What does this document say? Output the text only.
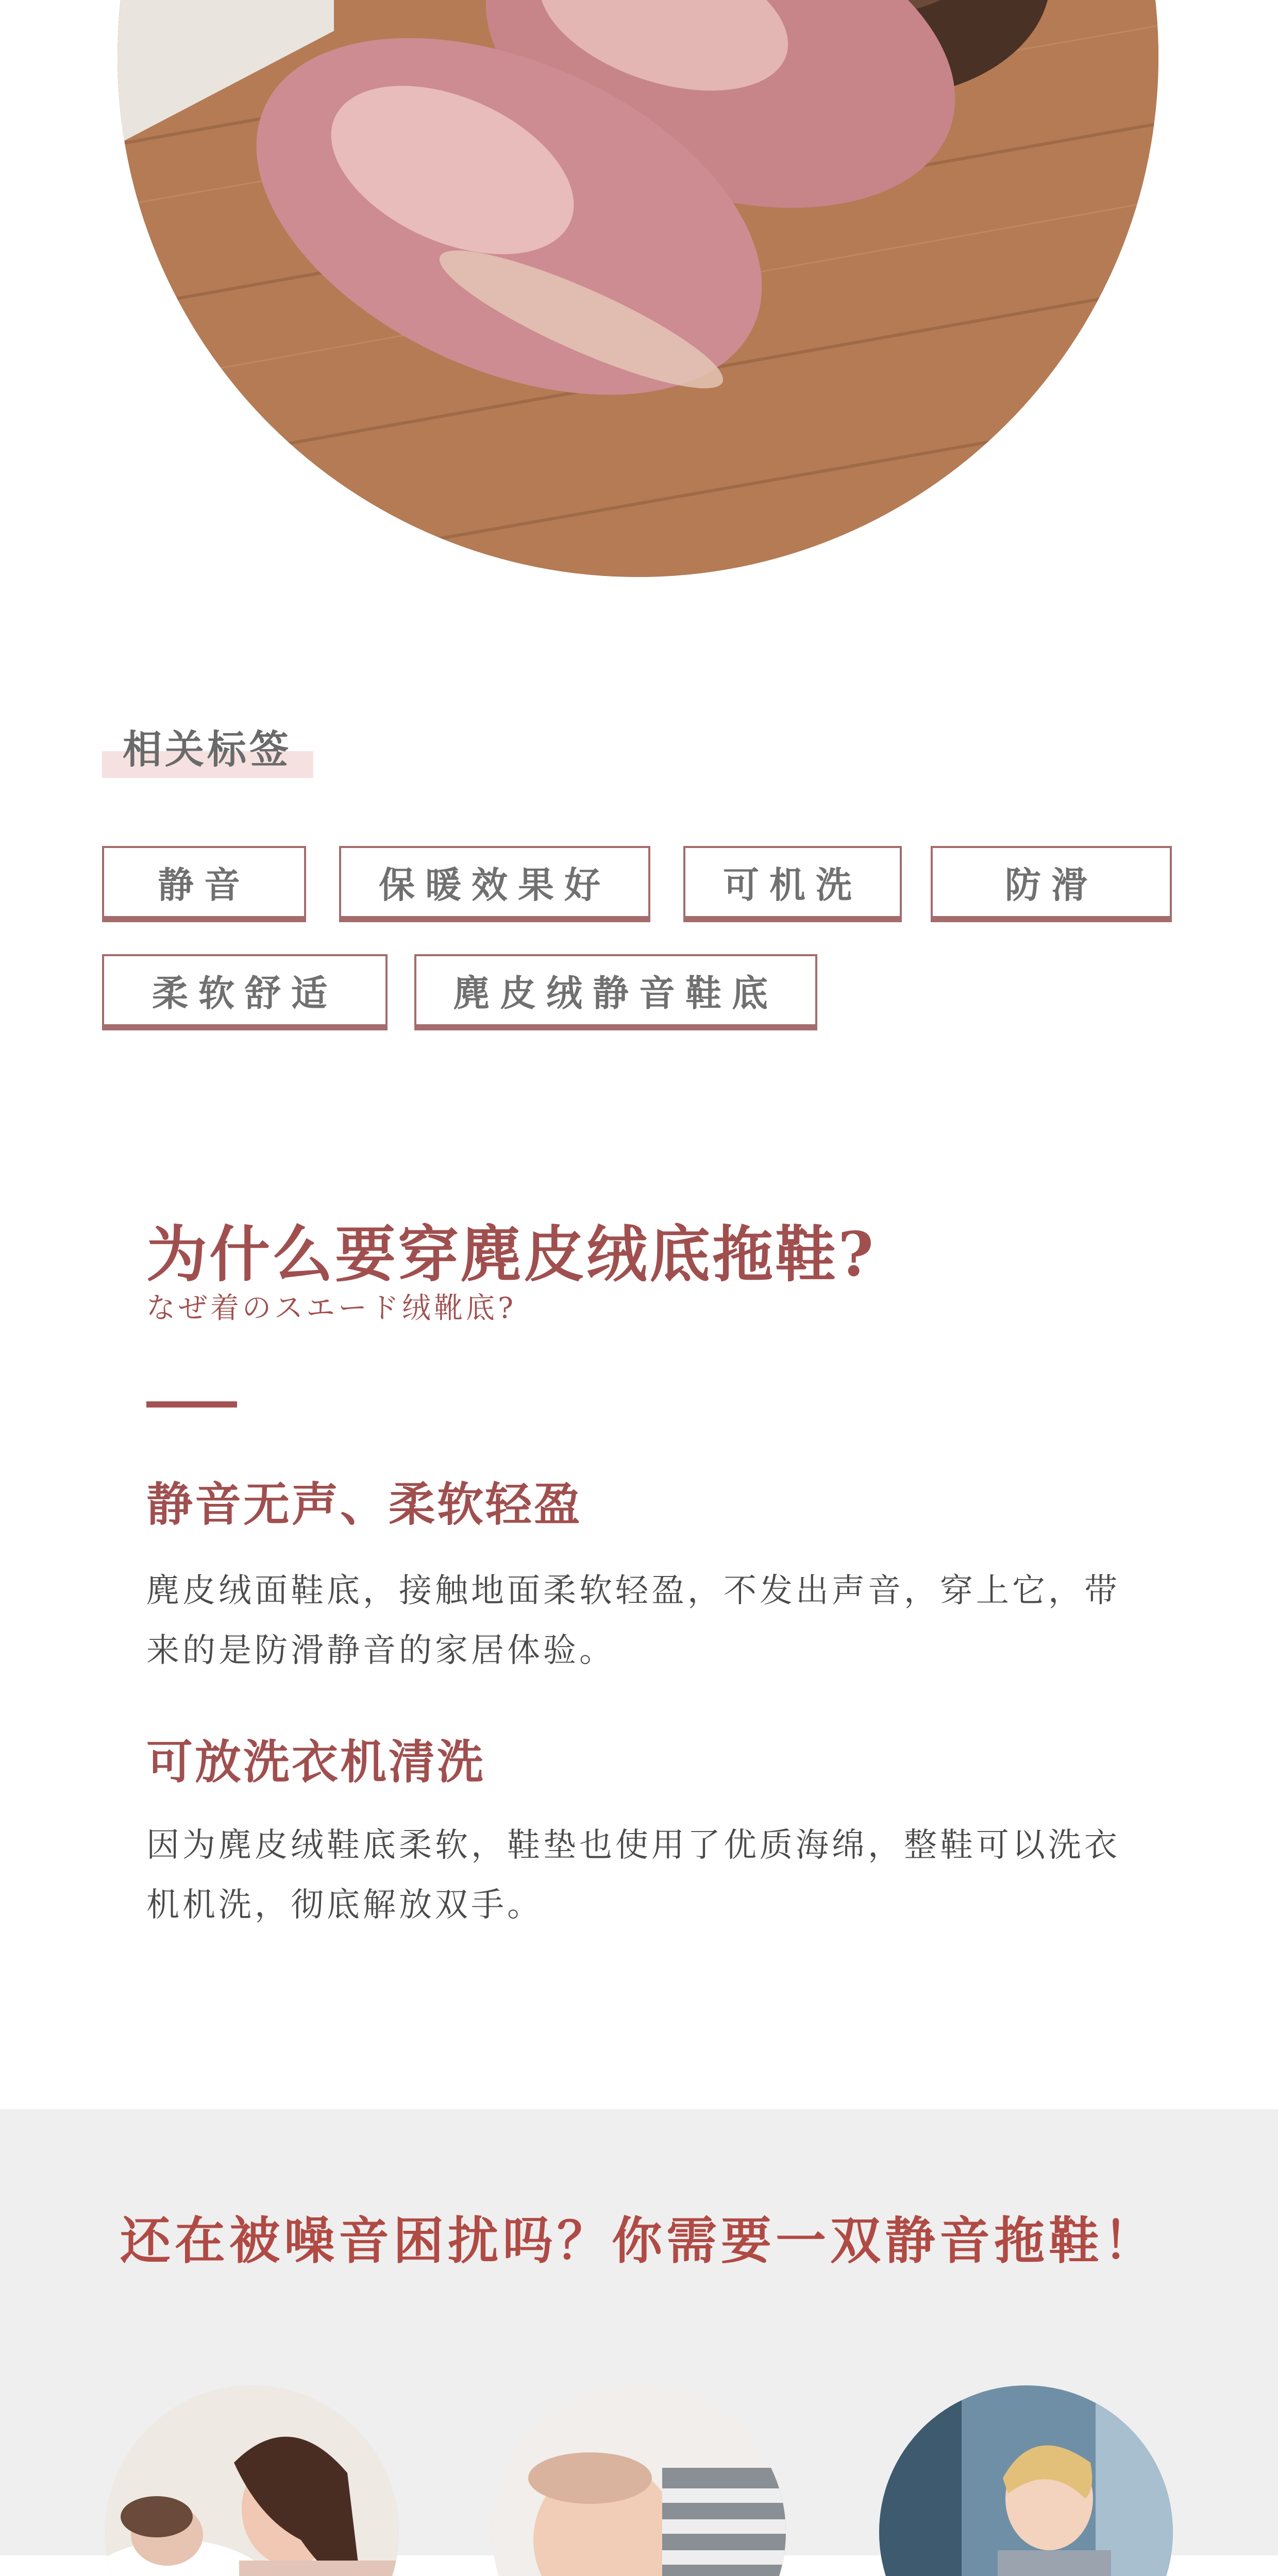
相关标签
静音	保暖效果好	可机洗	防滑
柔软舒适	麂皮绒静音鞋底
为什么要穿麂皮绒底拖鞋?
なぜ着のスエード绒靴底?
静音无声、柔软轻盈
麂皮绒面鞋底，接触地面柔软轻盈，不发出声音，穿上它，带来的是防滑静音的家居体验。
可放洗衣机清洗
因为麂皮绒鞋底柔软，鞋垫也使用了优质海绵，整鞋可以洗衣机机洗，彻底解放双手。
还在被噪音困扰吗？你需要一双静音拖鞋！
